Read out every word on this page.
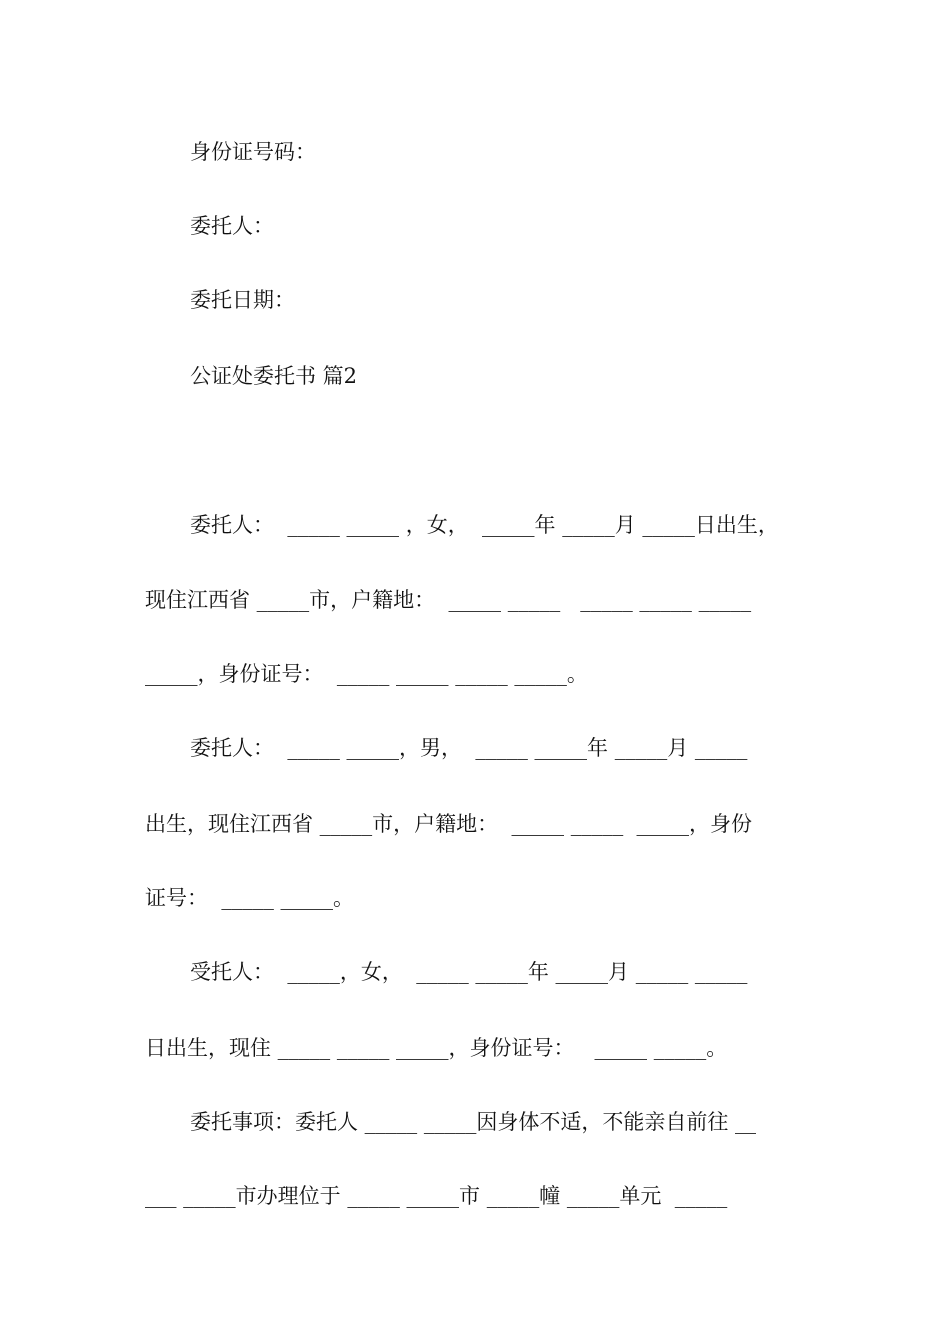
身份证号码：
委托人：
委托日期：
公证处委托书 篇2
委托人：  _____ _____ ，女，  _____年 _____月 _____日出生，
现住江西省 _____市，户籍地：  _____ _____   _____ _____ _____
_____，身份证号：  _____ _____ _____ _____。
委托人：  _____ _____，男，  _____ _____年 _____月 _____
出生，现住江西省 _____市，户籍地：  _____ _____  _____，身份
证号：  _____ _____。
受托人：  _____，女，  _____ _____年 _____月 _____ _____
日出生，现住 _____ _____ _____，身份证号：   _____ _____。
委托事项：委托人 _____ _____因身体不适，不能亲自前往 __
___ _____市办理位于 _____ _____市 _____幢 _____单元  _____
